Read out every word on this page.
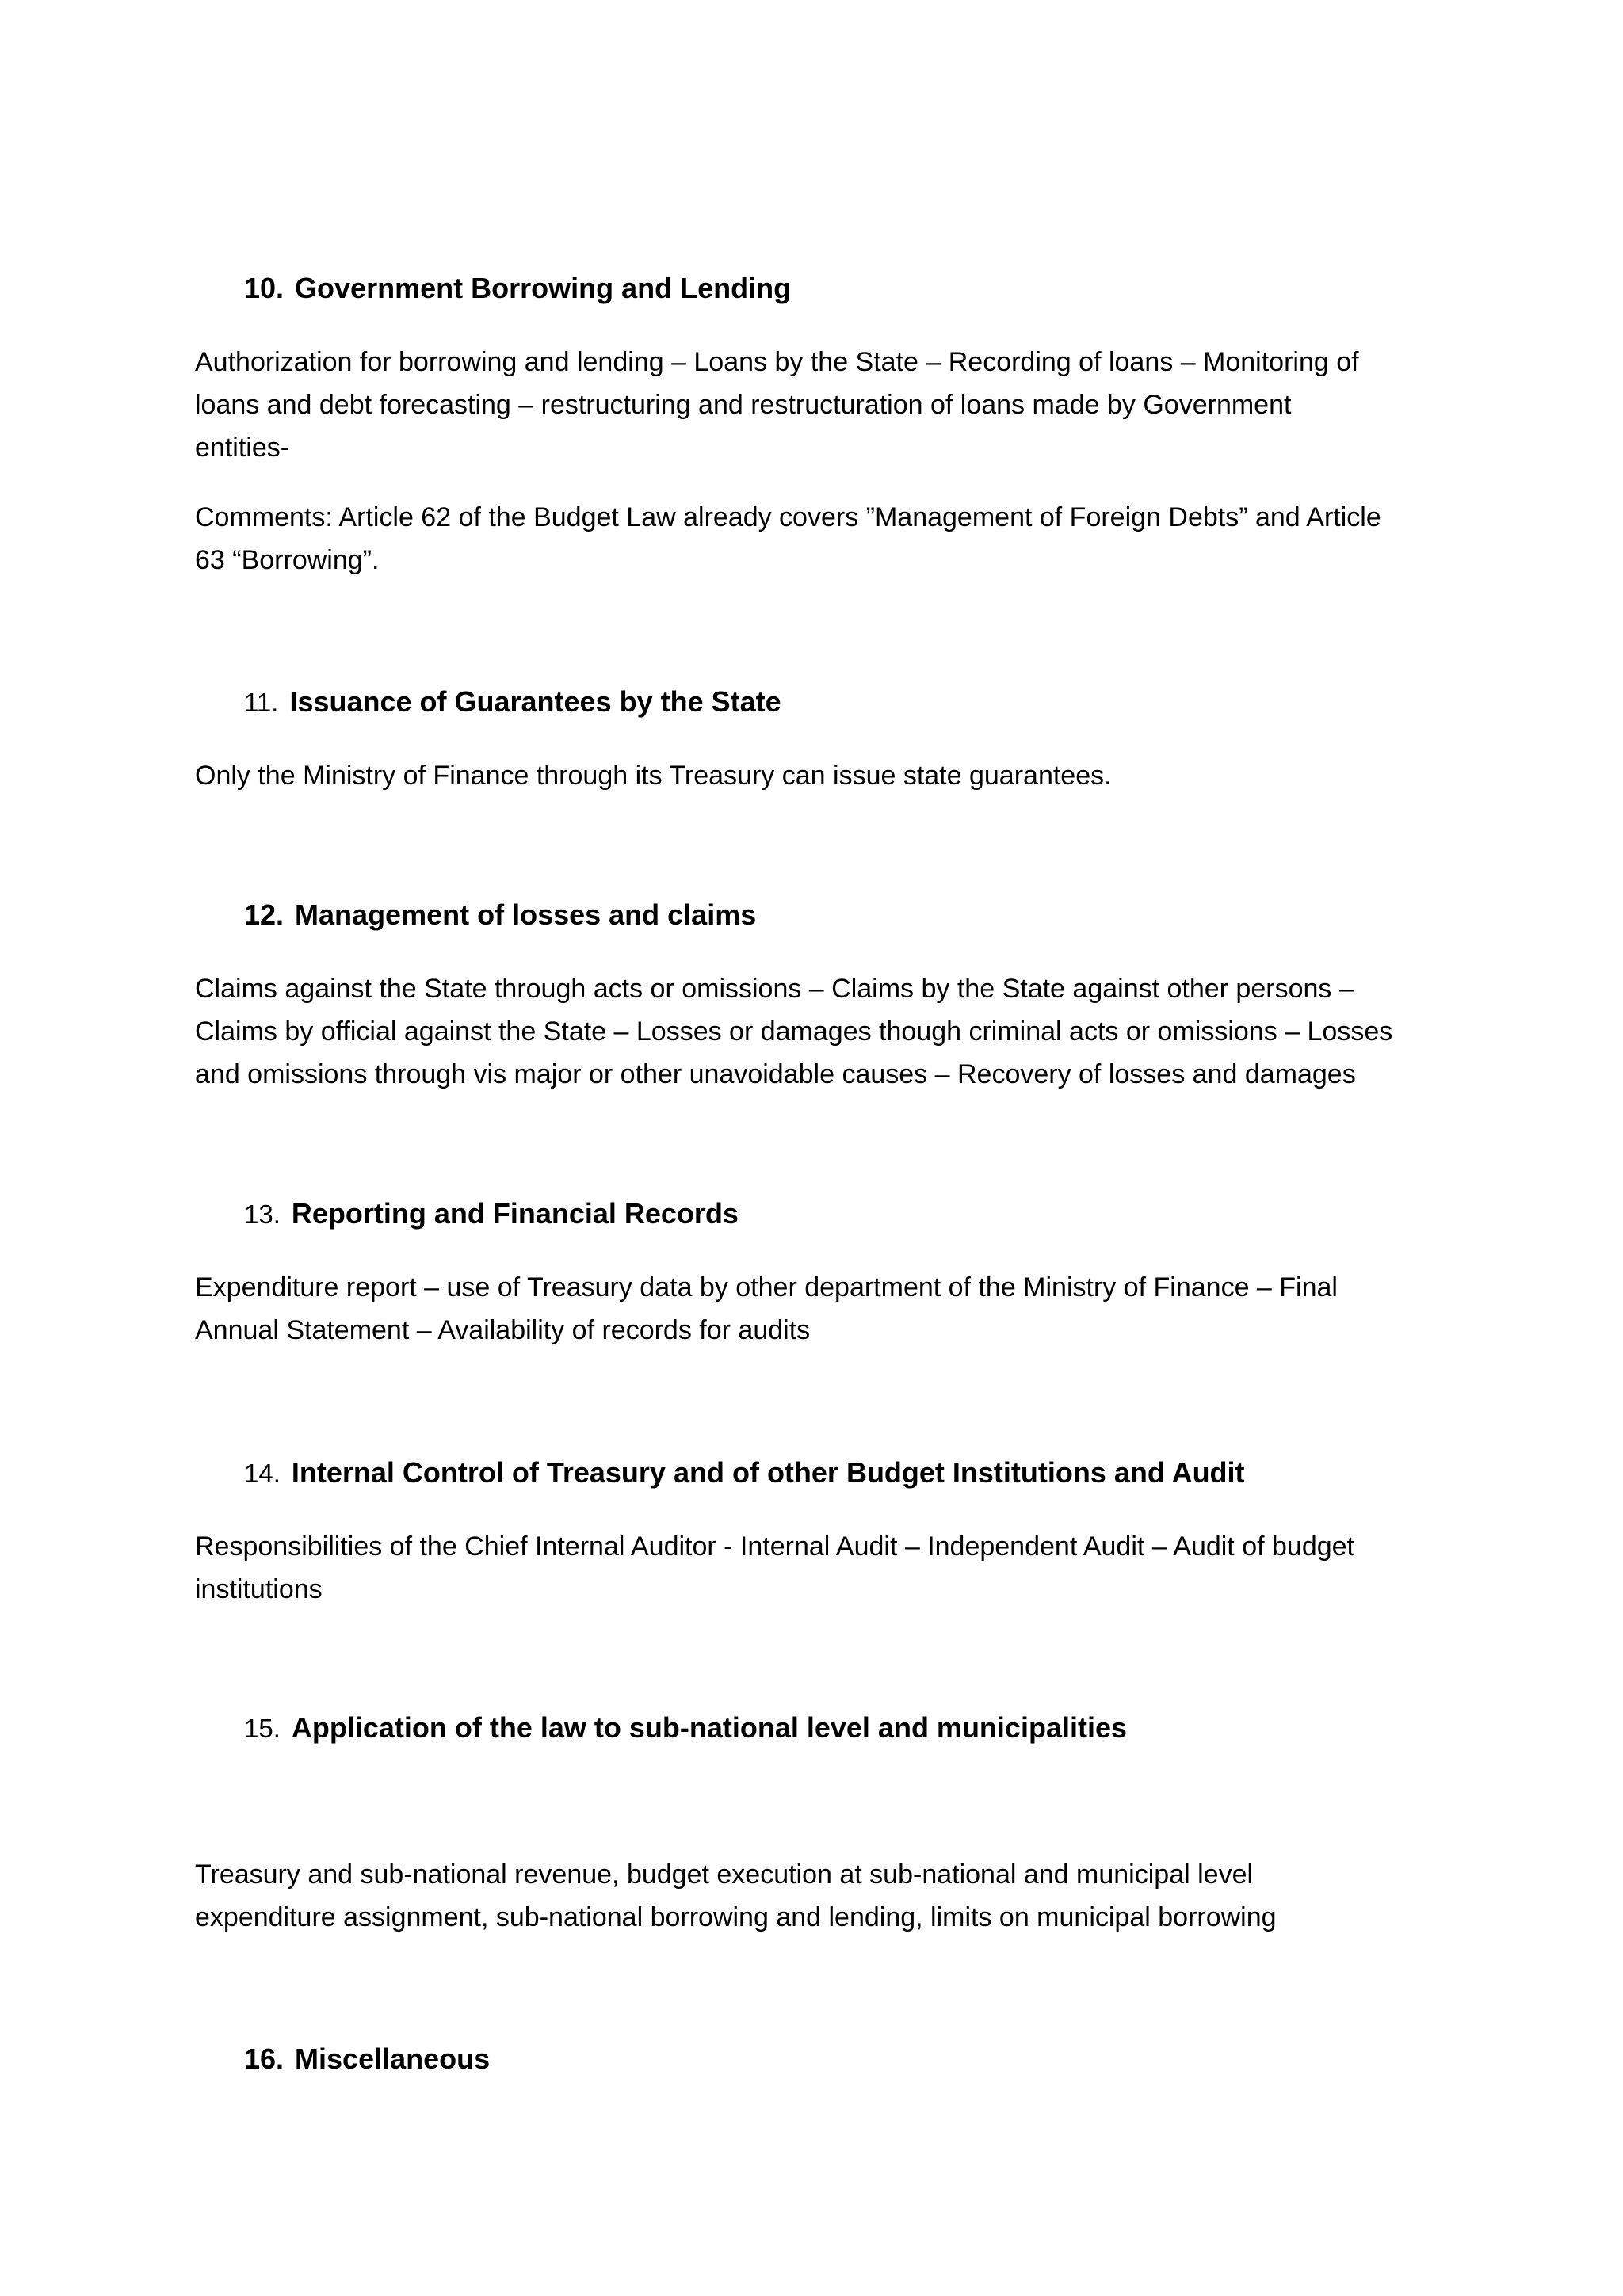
10. Government Borrowing and Lending

Authorization for borrowing and lending – Loans by the State – Recording of loans – Monitoring of
loans and debt forecasting – restructuring and restructuration of loans made by Government
entities-

Comments: Article 62 of the Budget Law already covers ”Management of Foreign Debts” and Article
63 “Borrowing”.

11. Issuance of Guarantees by the State

Only the Ministry of Finance through its Treasury can issue state guarantees.

12. Management of losses and claims

Claims against the State through acts or omissions – Claims by the State against other persons –
Claims by official against the State – Losses or damages though criminal acts or omissions – Losses
and omissions through vis major or other unavoidable causes – Recovery of losses and damages

13. Reporting and Financial Records

Expenditure report – use of Treasury data by other department of the Ministry of Finance – Final
Annual Statement – Availability of records for audits

14. Internal Control of Treasury and of other Budget Institutions and Audit

Responsibilities of the Chief Internal Auditor - Internal Audit – Independent Audit – Audit of budget
institutions

15. Application of the law to sub-national level and municipalities

Treasury and sub-national revenue, budget execution at sub-national and municipal level
expenditure assignment, sub-national borrowing and lending, limits on municipal borrowing

16. Miscellaneous
